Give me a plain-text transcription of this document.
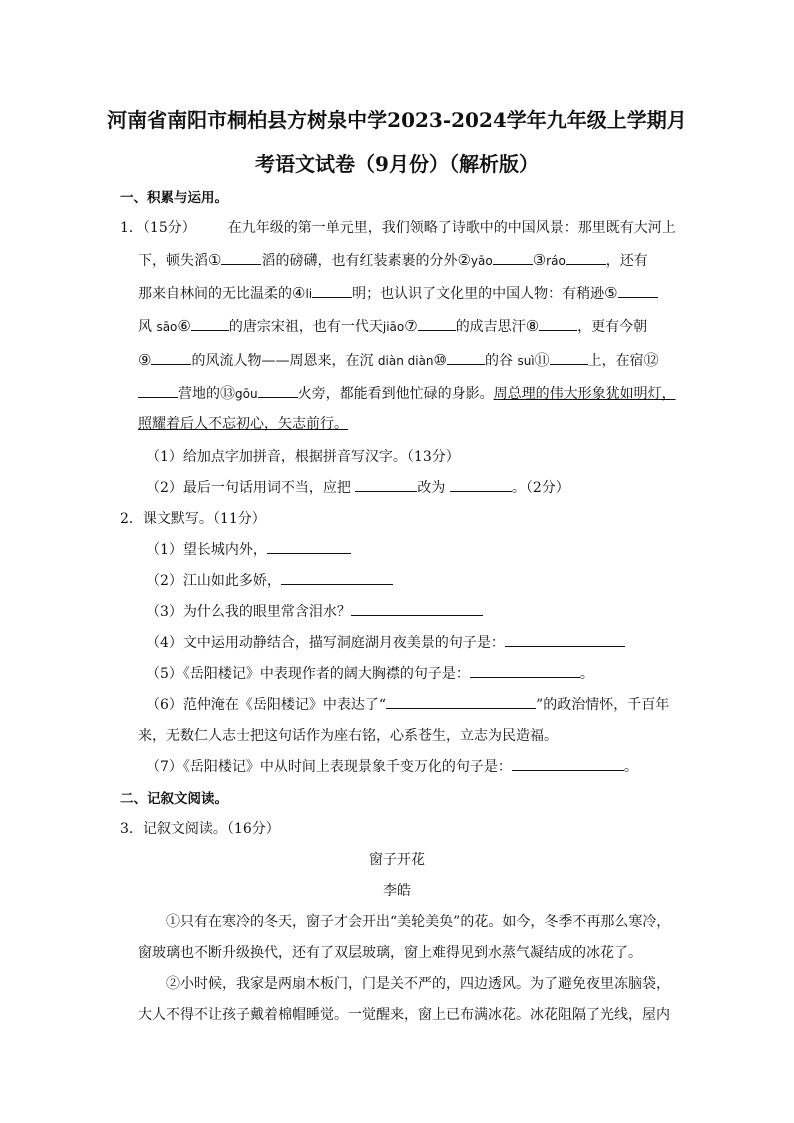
河南省南阳市桐柏县方树泉中学2023-2024学年九年级上学期月
考语文试卷（9月份）（解析版）
一、积累与运用。
1．（15分） 在九年级的第一单元里，我们领略了诗歌中的中国风景：那里既有大河上
下，顿失滔①	滔的磅礴，也有红装素裹的分外②yāo	③ráo	，还有
那来自林间的无比温柔的④li	明；也认识了文化里的中国人物：有稍逊⑤
风 sāo⑥	的唐宗宋祖，也有一代天jiāo⑦	的成吉思汗⑧	，更有今朝
⑨	的风流人物——周恩来，在沉 diàn diàn⑩	的谷 suì⑪	上，在宿⑫
营地的⑬gōu	火旁，都能看到他忙碌的身影。周总理的伟大形象犹如明灯，
照耀着后人不忘初心，矢志前行。
（1）给加点字加拼音，根据拼音写汉字。（13分）
（2）最后一句话用词不当，应把	改为	。（2分）
2．课文默写。（11分）
（1）望长城内外，
（2）江山如此多娇，
（3）为什么我的眼里常含泪水？
（4）文中运用动静结合，描写洞庭湖月夜美景的句子是：
（5）《岳阳楼记》中表现作者的阔大胸襟的句子是：	。
（6）范仲淹在《岳阳楼记》中表达了“	”的政治情怀，千百年
来，无数仁人志士把这句话作为座右铭，心系苍生，立志为民造福。
（7）《岳阳楼记》中从时间上表现景象千变万化的句子是：	。
二、记叙文阅读。
3．记叙文阅读。（16分）
窗子开花
李皓
①只有在寒冷的冬天，窗子才会开出“美轮美奂”的花。如今，冬季不再那么寒冷，
窗玻璃也不断升级换代，还有了双层玻璃，窗上难得见到水蒸气凝结成的冰花了。
②小时候，我家是两扇木板门，门是关不严的，四边透风。为了避免夜里冻脑袋，
大人不得不让孩子戴着棉帽睡觉。一觉醒来，窗上已布满冰花。冰花阻隔了光线，屋内
